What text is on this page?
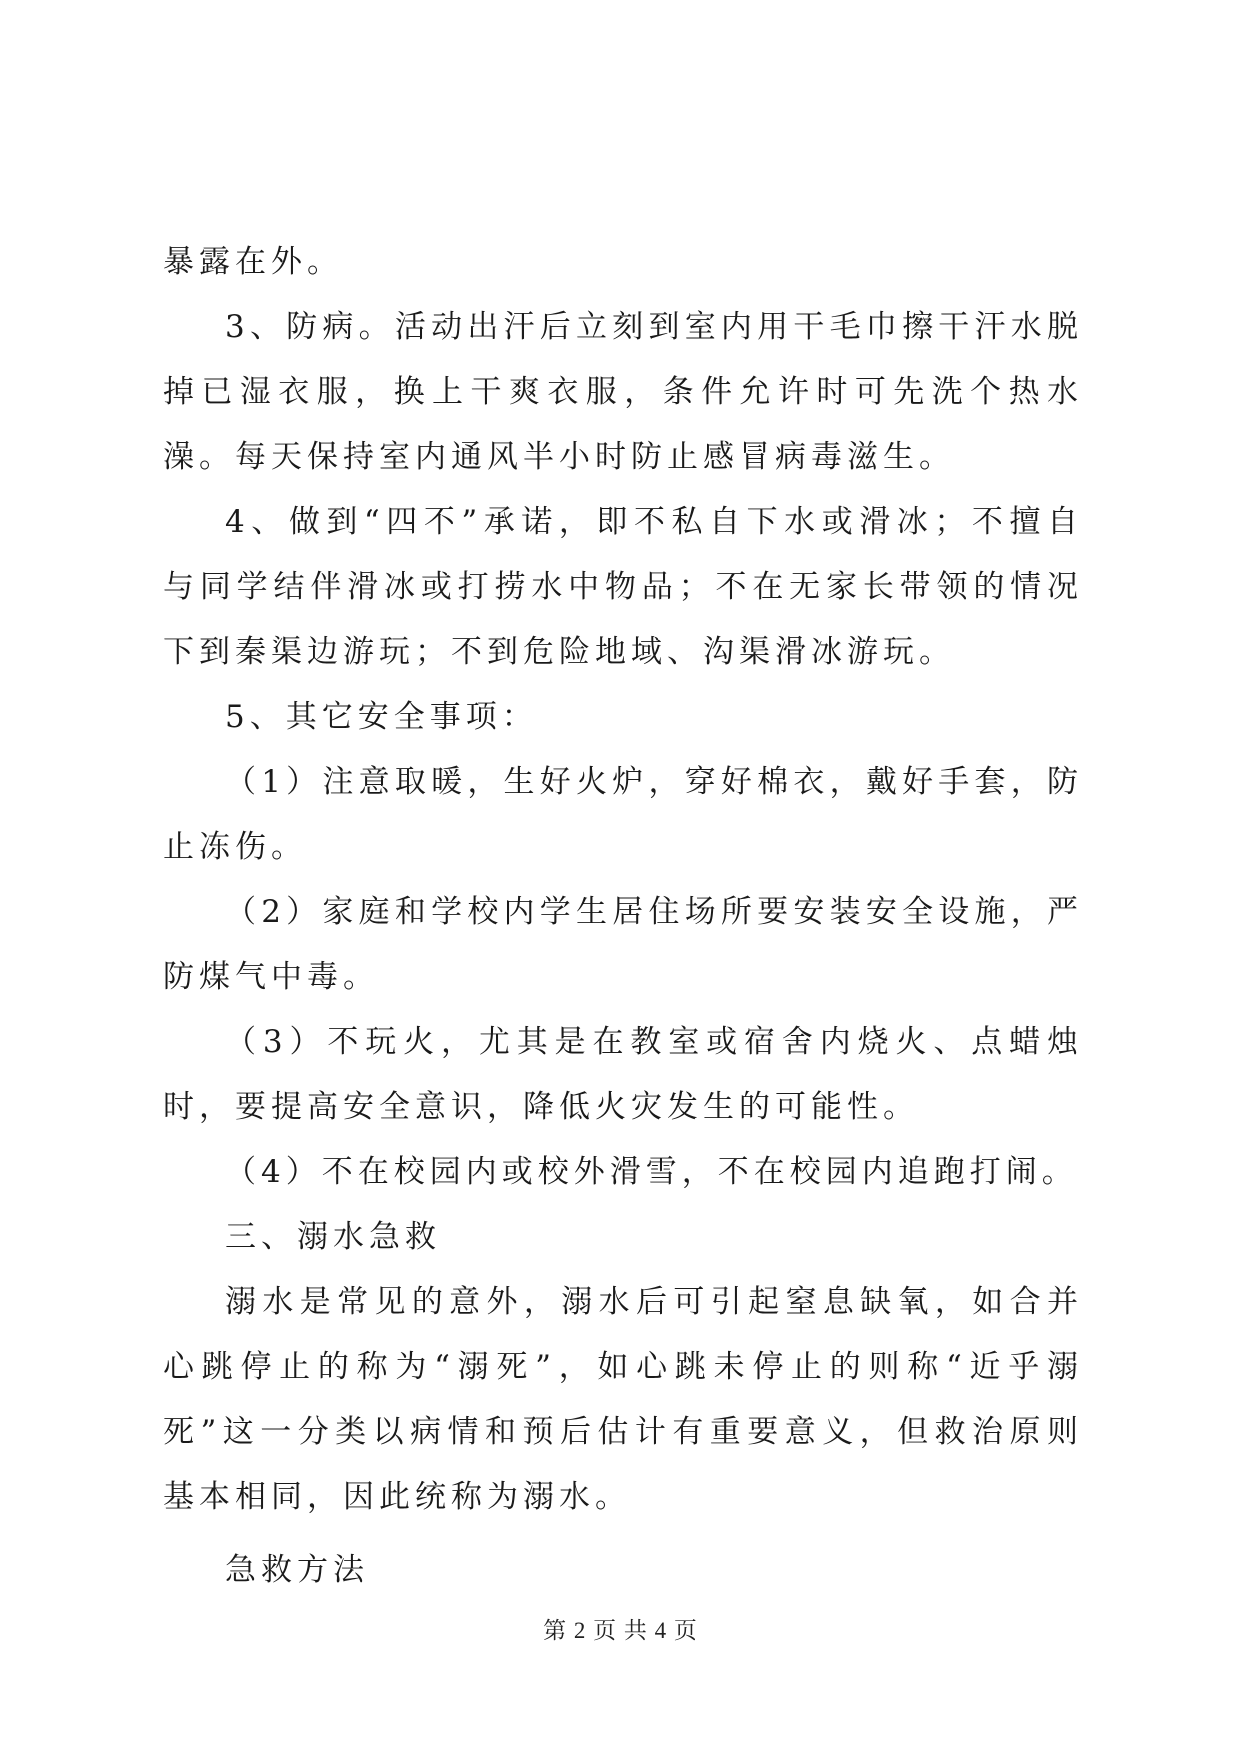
暴露在外。

3、防病。活动出汗后立刻到室内用干毛巾擦干汗水脱掉已湿衣服，换上干爽衣服，条件允许时可先洗个热水澡。每天保持室内通风半小时防止感冒病毒滋生。

4、做到“四不”承诺，即不私自下水或滑冰；不擅自与同学结伴滑冰或打捞水中物品；不在无家长带领的情况下到秦渠边游玩；不到危险地域、沟渠滑冰游玩。

5、其它安全事项：

（1）注意取暖，生好火炉，穿好棉衣，戴好手套，防止冻伤。

（2）家庭和学校内学生居住场所要安装安全设施，严防煤气中毒。

（3）不玩火，尤其是在教室或宿舍内烧火、点蜡烛时，要提高安全意识，降低火灾发生的可能性。

（4）不在校园内或校外滑雪，不在校园内追跑打闹。

三、溺水急救

溺水是常见的意外，溺水后可引起窒息缺氧，如合并心跳停止的称为“溺死”，如心跳未停止的则称“近乎溺死”这一分类以病情和预后估计有重要意义，但救治原则基本相同，因此统称为溺水。

急救方法

第 2 页 共 4 页
